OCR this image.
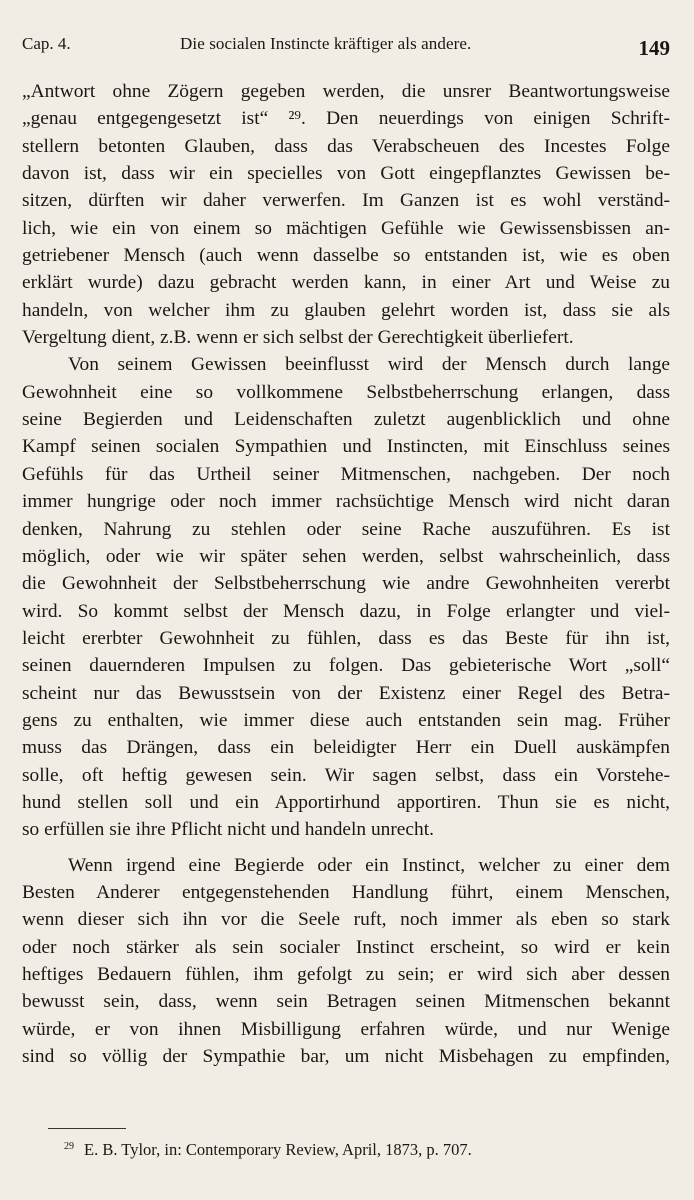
Cap. 4.	Die socialen Instincte kräftiger als andere.	149
„Antwort ohne Zögern gegeben werden, die unsrer Beantwortungsweise
„genau entgegengesetzt ist“ ²⁹. Den neuerdings von einigen Schrift-
stellern betonten Glauben, dass das Verabscheuen des Incestes Folge
davon ist, dass wir ein specielles von Gott eingepflanztes Gewissen be-
sitzen, dürften wir daher verwerfen. Im Ganzen ist es wohl verständ-
lich, wie ein von einem so mächtigen Gefühle wie Gewissensbissen an-
getriebener Mensch (auch wenn dasselbe so entstanden ist, wie es oben
erklärt wurde) dazu gebracht werden kann, in einer Art und Weise zu
handeln, von welcher ihm zu glauben gelehrt worden ist, dass sie als
Vergeltung dient, z.B. wenn er sich selbst der Gerechtigkeit überliefert.
Von seinem Gewissen beeinflusst wird der Mensch durch lange
Gewohnheit eine so vollkommene Selbstbeherrschung erlangen, dass
seine Begierden und Leidenschaften zuletzt augenblicklich und ohne
Kampf seinen socialen Sympathien und Instincten, mit Einschluss seines
Gefühls für das Urtheil seiner Mitmenschen, nachgeben. Der noch
immer hungrige oder noch immer rachsüchtige Mensch wird nicht daran
denken, Nahrung zu stehlen oder seine Rache auszuführen. Es ist
möglich, oder wie wir später sehen werden, selbst wahrscheinlich, dass
die Gewohnheit der Selbstbeherrschung wie andre Gewohnheiten vererbt
wird. So kommt selbst der Mensch dazu, in Folge erlangter und viel-
leicht ererbter Gewohnheit zu fühlen, dass es das Beste für ihn ist,
seinen dauernderen Impulsen zu folgen. Das gebieterische Wort „soll“
scheint nur das Bewusstsein von der Existenz einer Regel des Betra-
gens zu enthalten, wie immer diese auch entstanden sein mag. Früher
muss das Drängen, dass ein beleidigter Herr ein Duell auskämpfen
solle, oft heftig gewesen sein. Wir sagen selbst, dass ein Vorstehe-
hund stellen soll und ein Apportirhund apportiren. Thun sie es nicht,
so erfüllen sie ihre Pflicht nicht und handeln unrecht.
Wenn irgend eine Begierde oder ein Instinct, welcher zu einer dem
Besten Anderer entgegenstehenden Handlung führt, einem Menschen,
wenn dieser sich ihn vor die Seele ruft, noch immer als eben so stark
oder noch stärker als sein socialer Instinct erscheint, so wird er kein
heftiges Bedauern fühlen, ihm gefolgt zu sein; er wird sich aber dessen
bewusst sein, dass, wenn sein Betragen seinen Mitmenschen bekannt
würde, er von ihnen Misbilligung erfahren würde, und nur Wenige
sind so völlig der Sympathie bar, um nicht Misbehagen zu empfinden,
$^{29}$ E. B. Tylor, in: Contemporary Review, April, 1873, p. 707.
